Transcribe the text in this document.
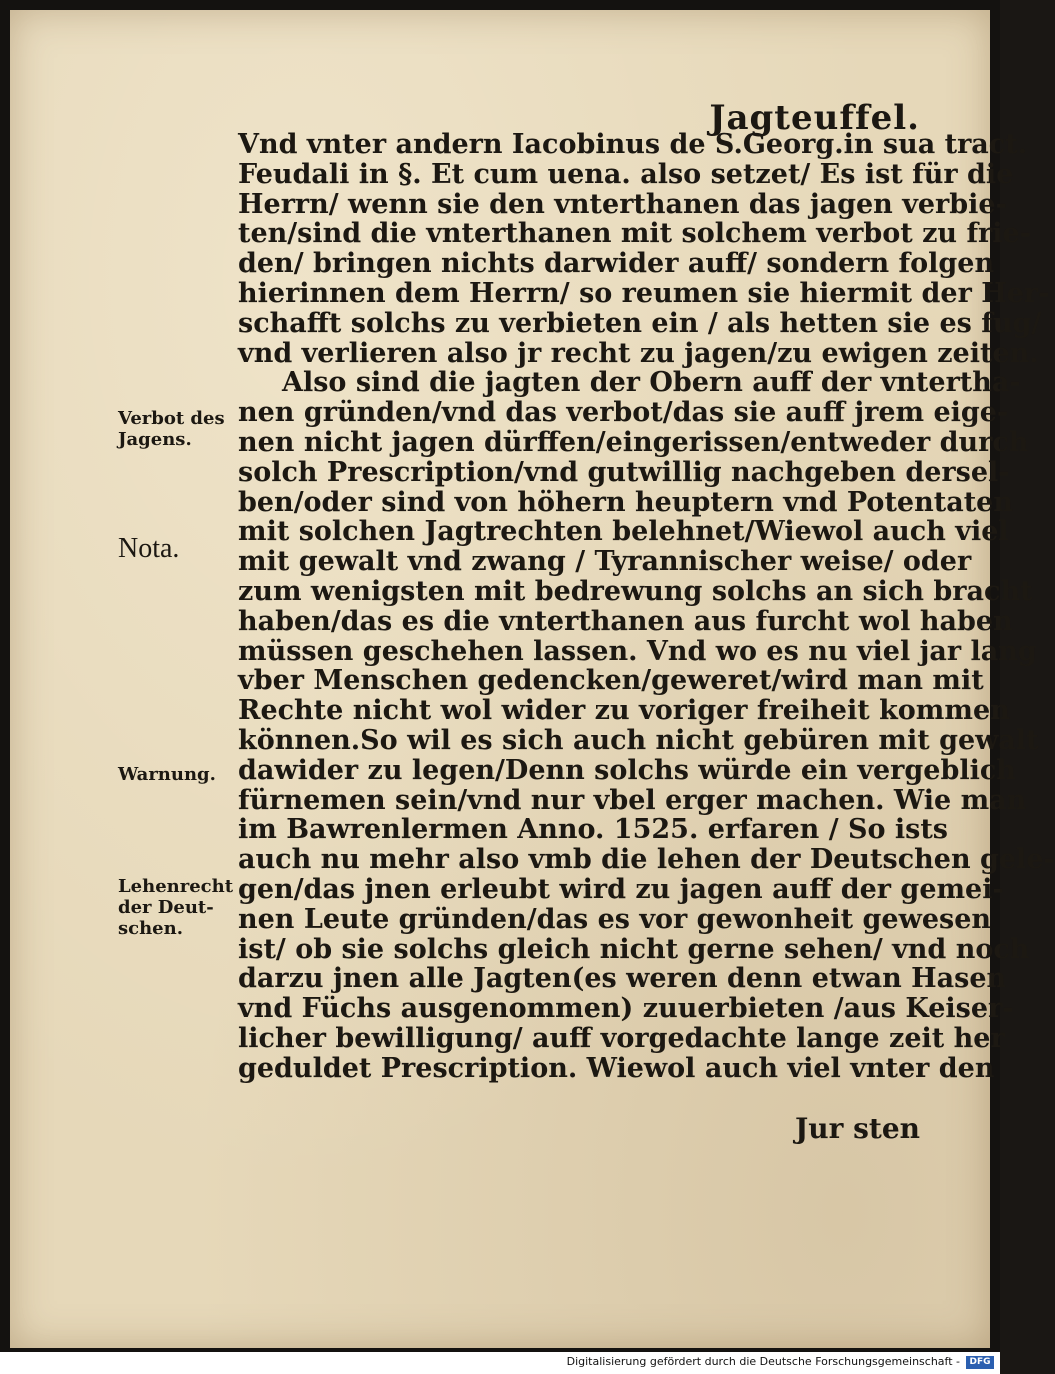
Jagteuffel.
Vnd vnter andern Iacobinus de S.Georg.in sua tract.
Feudali in §. Et cum uena. also setzet/ Es ist für die
Herrn/ wenn sie den vnterthanen das jagen verbie-
ten/sind die vnterthanen mit solchem verbot zu frie-
den/ bringen nichts darwider auff/ sondern folgen
hierinnen dem Herrn/ so reumen sie hiermit der Her-
schafft solchs zu verbieten ein / als hetten sie es fug/
vnd verlieren also jr recht zu jagen/zu ewigen zeiten.
Also sind die jagten der Obern auff der vntertha-
nen gründen/vnd das verbot/das sie auff jrem eige-
nen nicht jagen dürffen/eingerissen/entweder durch
solch Prescription/vnd gutwillig nachgeben dersel-
ben/oder sind von höhern heuptern vnd Potentaten
mit solchen Jagtrechten belehnet/Wiewol auch viel
mit gewalt vnd zwang / Tyrannischer weise/ oder
zum wenigsten mit bedrewung solchs an sich bracht
haben/das es die vnterthanen aus furcht wol haben
müssen geschehen lassen. Vnd wo es nu viel jar lang
vber Menschen gedencken/geweret/wird man mit
Rechte nicht wol wider zu voriger freiheit kommen
können.So wil es sich auch nicht gebüren mit gewalt
dawider zu legen/Denn solchs würde ein vergeblich
fürnemen sein/vnd nur vbel erger machen. Wie man
im Bawrenlermen Anno. 1525. erfaren / So ists
auch nu mehr also vmb die lehen der Deutschen gele-
gen/das jnen erleubt wird zu jagen auff der gemei-
nen Leute gründen/das es vor gewonheit gewesen
ist/ ob sie solchs gleich nicht gerne sehen/ vnd noch
darzu jnen alle Jagten(es weren denn etwan Hasen
vnd Füchs ausgenommen) zuuerbieten /aus Keiser-
licher bewilligung/ auff vorgedachte lange zeit her
geduldet Prescription. Wiewol auch viel vnter den
Jur sten
Verbot des
Jagens.
Nota.
Warnung.
Lehenrecht
der Deut-
schen.
Digitalisierung gefördert durch die Deutsche Forschungsgemeinschaft -	DFG
